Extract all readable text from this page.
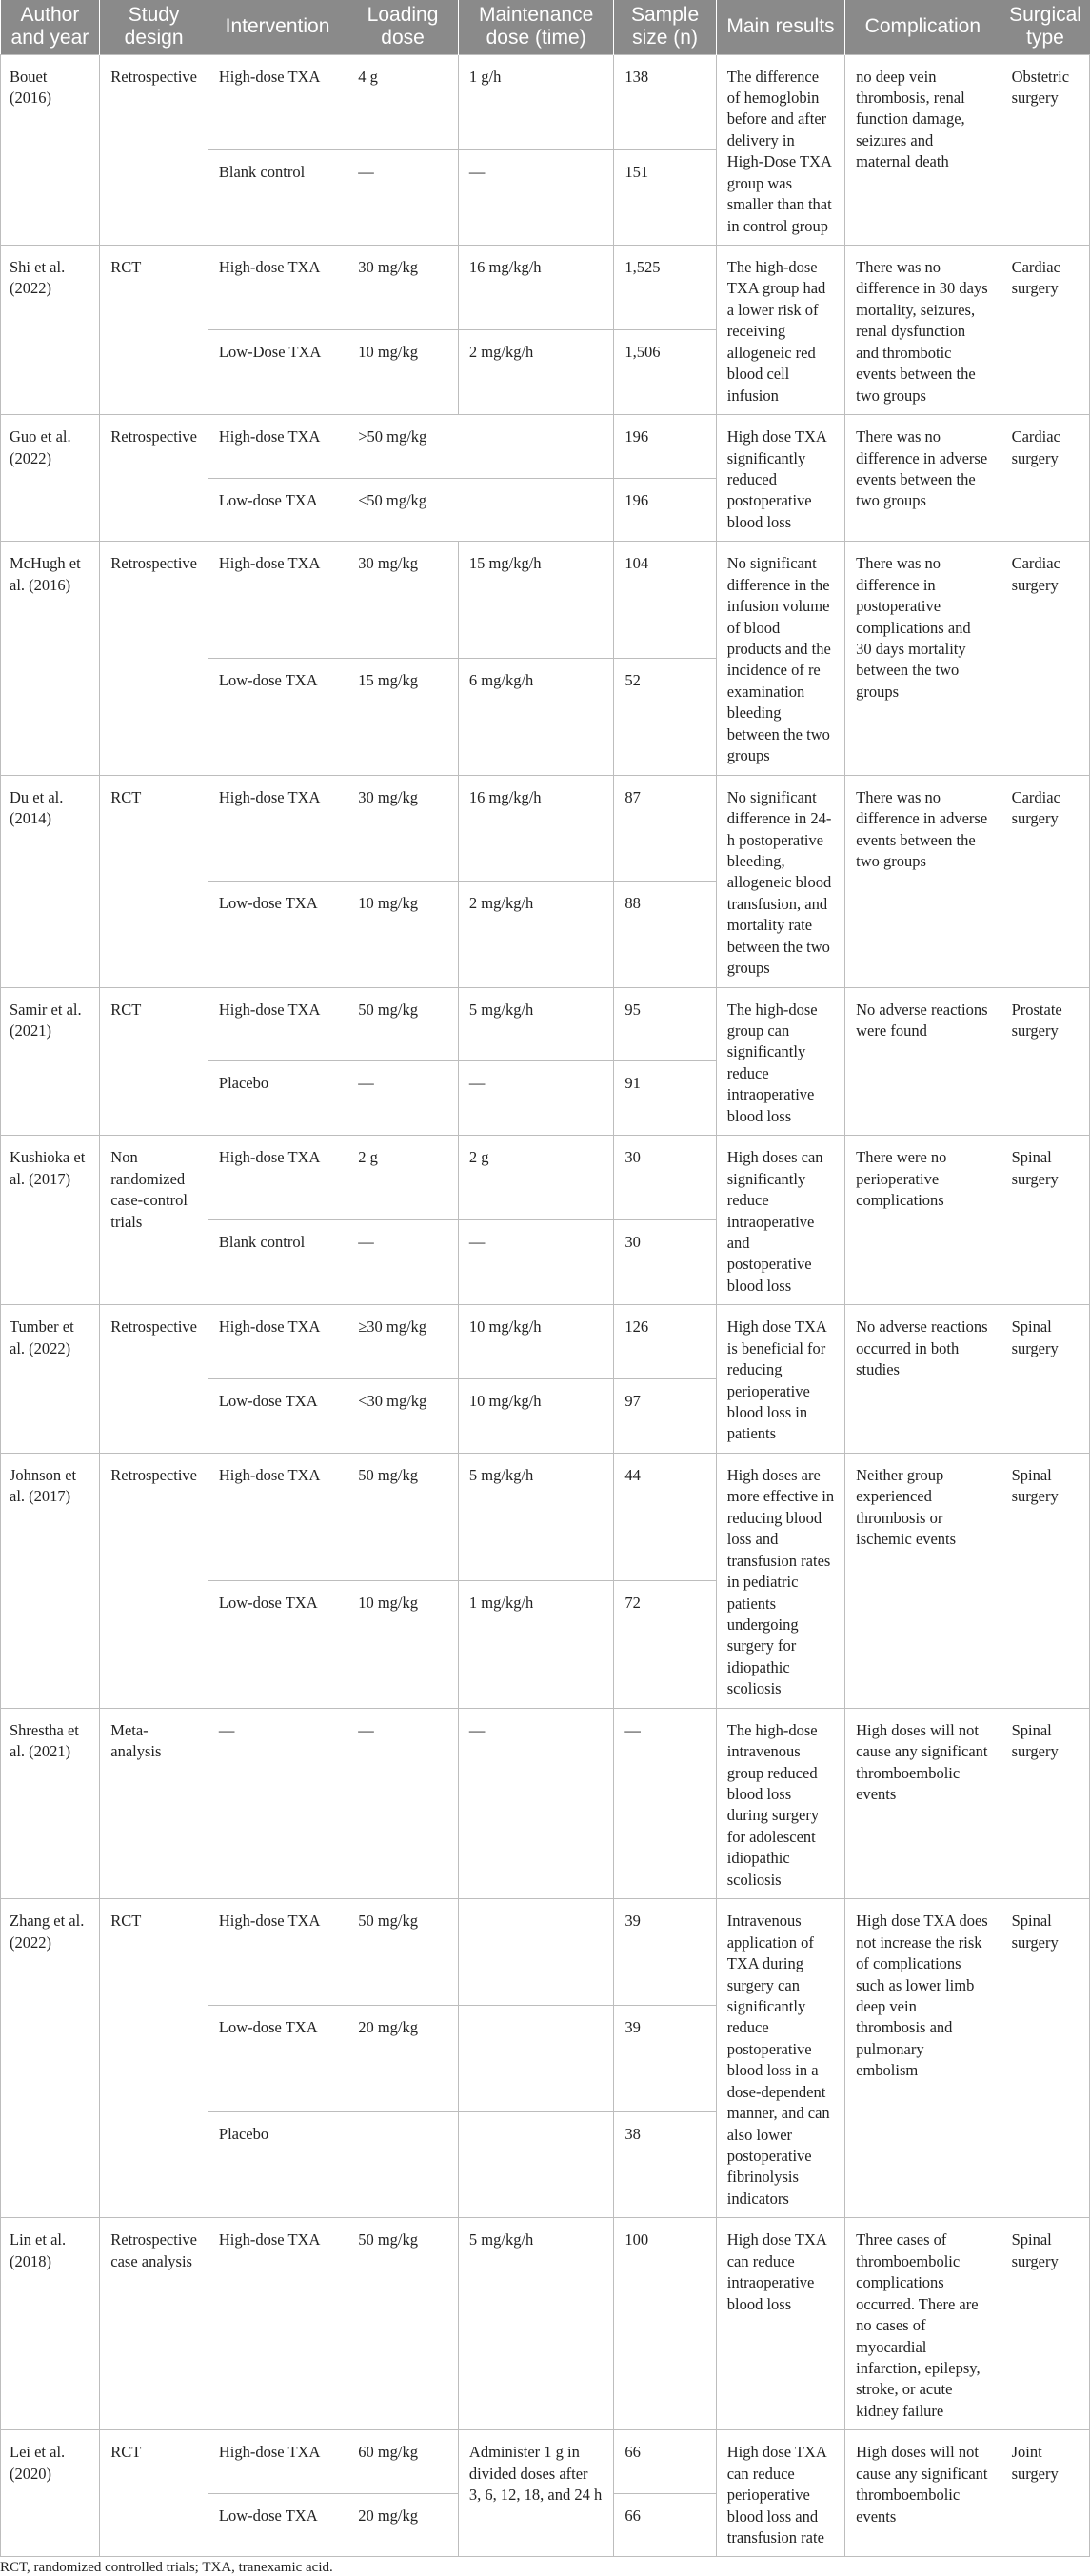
Author and year	Study design	Intervention	Loading dose	Maintenance dose (time)	Sample size (n)	Main results	Complication	Surgical type
Bouet (2016)	Retrospective	High-dose TXA	4 g	1 g/h	138	The difference of hemoglobin before and after delivery in High-Dose TXA group was smaller than that in control group	no deep vein thrombosis, renal function damage, seizures and maternal death	Obstetric surgery
		Blank control	—	—	151			
Shi et al. (2022)	RCT	High-dose TXA	30 mg/kg	16 mg/kg/h	1,525	The high-dose TXA group had a lower risk of receiving allogeneic red blood cell infusion	There was no difference in 30 days mortality, seizures, renal dysfunction and thrombotic events between the two groups	Cardiac surgery
		Low-Dose TXA	10 mg/kg	2 mg/kg/h	1,506			
Guo et al. (2022)	Retrospective	High-dose TXA	>50 mg/kg		196	High dose TXA significantly reduced postoperative blood loss	There was no difference in adverse events between the two groups	Cardiac surgery
		Low-dose TXA	≤50 mg/kg		196			
McHugh et al. (2016)	Retrospective	High-dose TXA	30 mg/kg	15 mg/kg/h	104	No significant difference in the infusion volume of blood products and the incidence of re examination bleeding between the two groups	There was no difference in postoperative complications and 30 days mortality between the two groups	Cardiac surgery
		Low-dose TXA	15 mg/kg	6 mg/kg/h	52			
Du et al. (2014)	RCT	High-dose TXA	30 mg/kg	16 mg/kg/h	87	No significant difference in 24-h postoperative bleeding, allogeneic blood transfusion, and mortality rate between the two groups	There was no difference in adverse events between the two groups	Cardiac surgery
		Low-dose TXA	10 mg/kg	2 mg/kg/h	88			
Samir et al. (2021)	RCT	High-dose TXA	50 mg/kg	5 mg/kg/h	95	The high-dose group can significantly reduce intraoperative blood loss	No adverse reactions were found	Prostate surgery
		Placebo	—	—	91			
Kushioka et al. (2017)	Non randomized case-control trials	High-dose TXA	2 g	2 g	30	High doses can significantly reduce intraoperative and postoperative blood loss	There were no perioperative complications	Spinal surgery
		Blank control	—	—	30			
Tumber et al. (2022)	Retrospective	High-dose TXA	≥30 mg/kg	10 mg/kg/h	126	High dose TXA is beneficial for reducing perioperative blood loss in patients	No adverse reactions occurred in both studies	Spinal surgery
		Low-dose TXA	<30 mg/kg	10 mg/kg/h	97			
Johnson et al. (2017)	Retrospective	High-dose TXA	50 mg/kg	5 mg/kg/h	44	High doses are more effective in reducing blood loss and transfusion rates in pediatric patients undergoing surgery for idiopathic scoliosis	Neither group experienced thrombosis or ischemic events	Spinal surgery
		Low-dose TXA	10 mg/kg	1 mg/kg/h	72			
Shrestha et al. (2021)	Meta-analysis	—	—	—	—	The high-dose intravenous group reduced blood loss during surgery for adolescent idiopathic scoliosis	High doses will not cause any significant thromboembolic events	Spinal surgery
Zhang et al. (2022)	RCT	High-dose TXA	50 mg/kg		39	Intravenous application of TXA during surgery can significantly reduce postoperative blood loss in a dose-dependent manner, and can also lower postoperative fibrinolysis indicators	High dose TXA does not increase the risk of complications such as lower limb deep vein thrombosis and pulmonary embolism	Spinal surgery
		Low-dose TXA	20 mg/kg		39			
		Placebo			38			
Lin et al. (2018)	Retrospective case analysis	High-dose TXA	50 mg/kg	5 mg/kg/h	100	High dose TXA can reduce intraoperative blood loss	Three cases of thromboembolic complications occurred. There are no cases of myocardial infarction, epilepsy, stroke, or acute kidney failure	Spinal surgery
Lei et al. (2020)	RCT	High-dose TXA	60 mg/kg	Administer 1 g in divided doses after 3, 6, 12, 18, and 24 h	66	High dose TXA can reduce perioperative blood loss and transfusion rate	High doses will not cause any significant thromboembolic events	Joint surgery
		Low-dose TXA	20 mg/kg		66			
RCT, randomized controlled trials; TXA, tranexamic acid.
